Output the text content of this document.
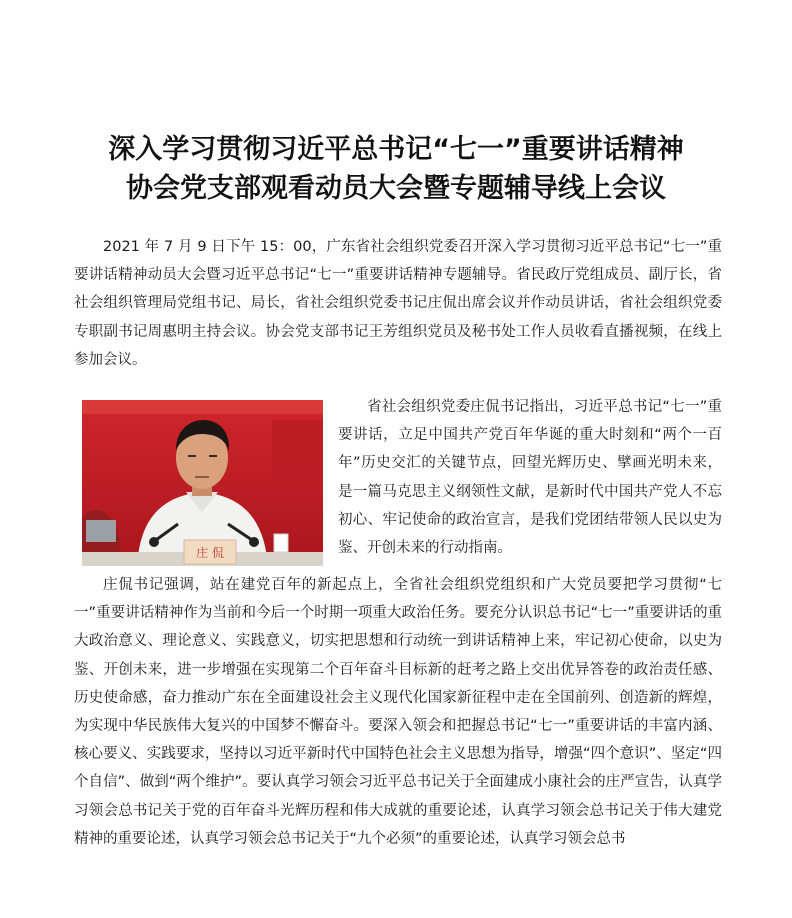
深入学习贯彻习近平总书记“七一”重要讲话精神
协会党支部观看动员大会暨专题辅导线上会议

2021 年 7 月 9 日下午 15：00，广东省社会组织党委召开深入学习贯彻习近平总书记“七一”重要讲话精神动员大会暨习近平总书记“七一”重要讲话精神专题辅导。省民政厅党组成员、副厅长，省社会组织管理局党组书记、局长，省社会组织党委书记庄侃出席会议并作动员讲话，省社会组织党委专职副书记周惠明主持会议。协会党支部书记王芳组织党员及秘书处工作人员收看直播视频，在线上参加会议。

庄 侃

省社会组织党委庄侃书记指出，习近平总书记“七一”重要讲话，立足中国共产党百年华诞的重大时刻和“两个一百年”历史交汇的关键节点，回望光辉历史、擘画光明未来，是一篇马克思主义纲领性文献，是新时代中国共产党人不忘初心、牢记使命的政治宣言，是我们党团结带领人民以史为鉴、开创未来的行动指南。

庄侃书记强调，站在建党百年的新起点上，全省社会组织党组织和广大党员要把学习贯彻“七一”重要讲话精神作为当前和今后一个时期一项重大政治任务。要充分认识总书记“七一”重要讲话的重大政治意义、理论意义、实践意义，切实把思想和行动统一到讲话精神上来，牢记初心使命，以史为鉴、开创未来，进一步增强在实现第二个百年奋斗目标新的赶考之路上交出优异答卷的政治责任感、历史使命感，奋力推动广东在全面建设社会主义现代化国家新征程中走在全国前列、创造新的辉煌，为实现中华民族伟大复兴的中国梦不懈奋斗。要深入领会和把握总书记“七一”重要讲话的丰富内涵、核心要义、实践要求，坚持以习近平新时代中国特色社会主义思想为指导，增强“四个意识”、坚定“四个自信”、做到“两个维护”。要认真学习领会习近平总书记关于全面建成小康社会的庄严宣告，认真学习领会总书记关于党的百年奋斗光辉历程和伟大成就的重要论述，认真学习领会总书记关于伟大建党精神的重要论述，认真学习领会总书记关于“九个必须”的重要论述，认真学习领会总书
